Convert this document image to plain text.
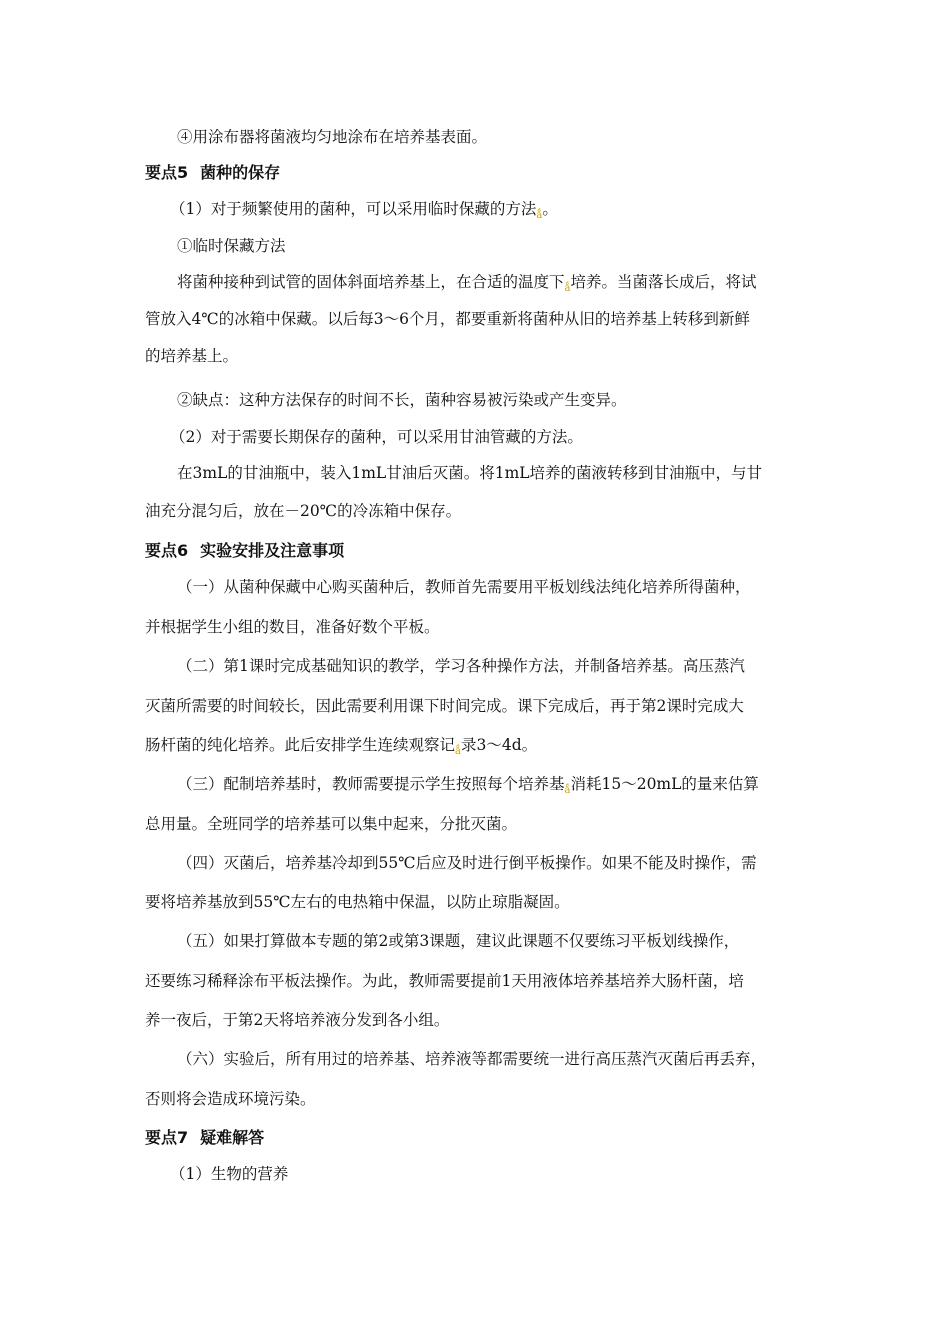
④用涂布器将菌液均匀地涂布在培养基表面。
要点5 菌种的保存
（1）对于频繁使用的菌种，可以采用临时保藏的方法$_ǻ$。
①临时保藏方法
将菌种接种到试管的固体斜面培养基上，在合适的温度下$_ǻ$培养。当菌落长成后，将试
管放入4℃的冰箱中保藏。以后每3～6个月，都要重新将菌种从旧的培养基上转移到新鲜
的培养基上。
②缺点：这种方法保存的时间不长，菌种容易被污染或产生变异。
（2）对于需要长期保存的菌种，可以采用甘油管藏的方法。
在3mL的甘油瓶中，装入1mL甘油后灭菌。将1mL培养的菌液转移到甘油瓶中，与甘
油充分混匀后，放在－20℃的冷冻箱中保存。
要点6 实验安排及注意事项
（一）从菌种保藏中心购买菌种后，教师首先需要用平板划线法纯化培养所得菌种，
并根据学生小组的数目，准备好数个平板。
（二）第1课时完成基础知识的教学，学习各种操作方法，并制备培养基。高压蒸汽
灭菌所需要的时间较长，因此需要利用课下时间完成。课下完成后，再于第2课时完成大
肠杆菌的纯化培养。此后安排学生连续观察记$_ǻ$录3～4d。
（三）配制培养基时，教师需要提示学生按照每个培养基$_ǻ$消耗15～20mL的量来估算
总用量。全班同学的培养基可以集中起来，分批灭菌。
（四）灭菌后，培养基冷却到55℃后应及时进行倒平板操作。如果不能及时操作，需
要将培养基放到55℃左右的电热箱中保温，以防止琼脂凝固。
（五）如果打算做本专题的第2或第3课题，建议此课题不仅要练习平板划线操作，
还要练习稀释涂布平板法操作。为此，教师需要提前1天用液体培养基培养大肠杆菌，培
养一夜后，于第2天将培养液分发到各小组。
（六）实验后，所有用过的培养基、培养液等都需要统一进行高压蒸汽灭菌后再丢弃，
否则将会造成环境污染。
要点7 疑难解答
（1）生物的营养
